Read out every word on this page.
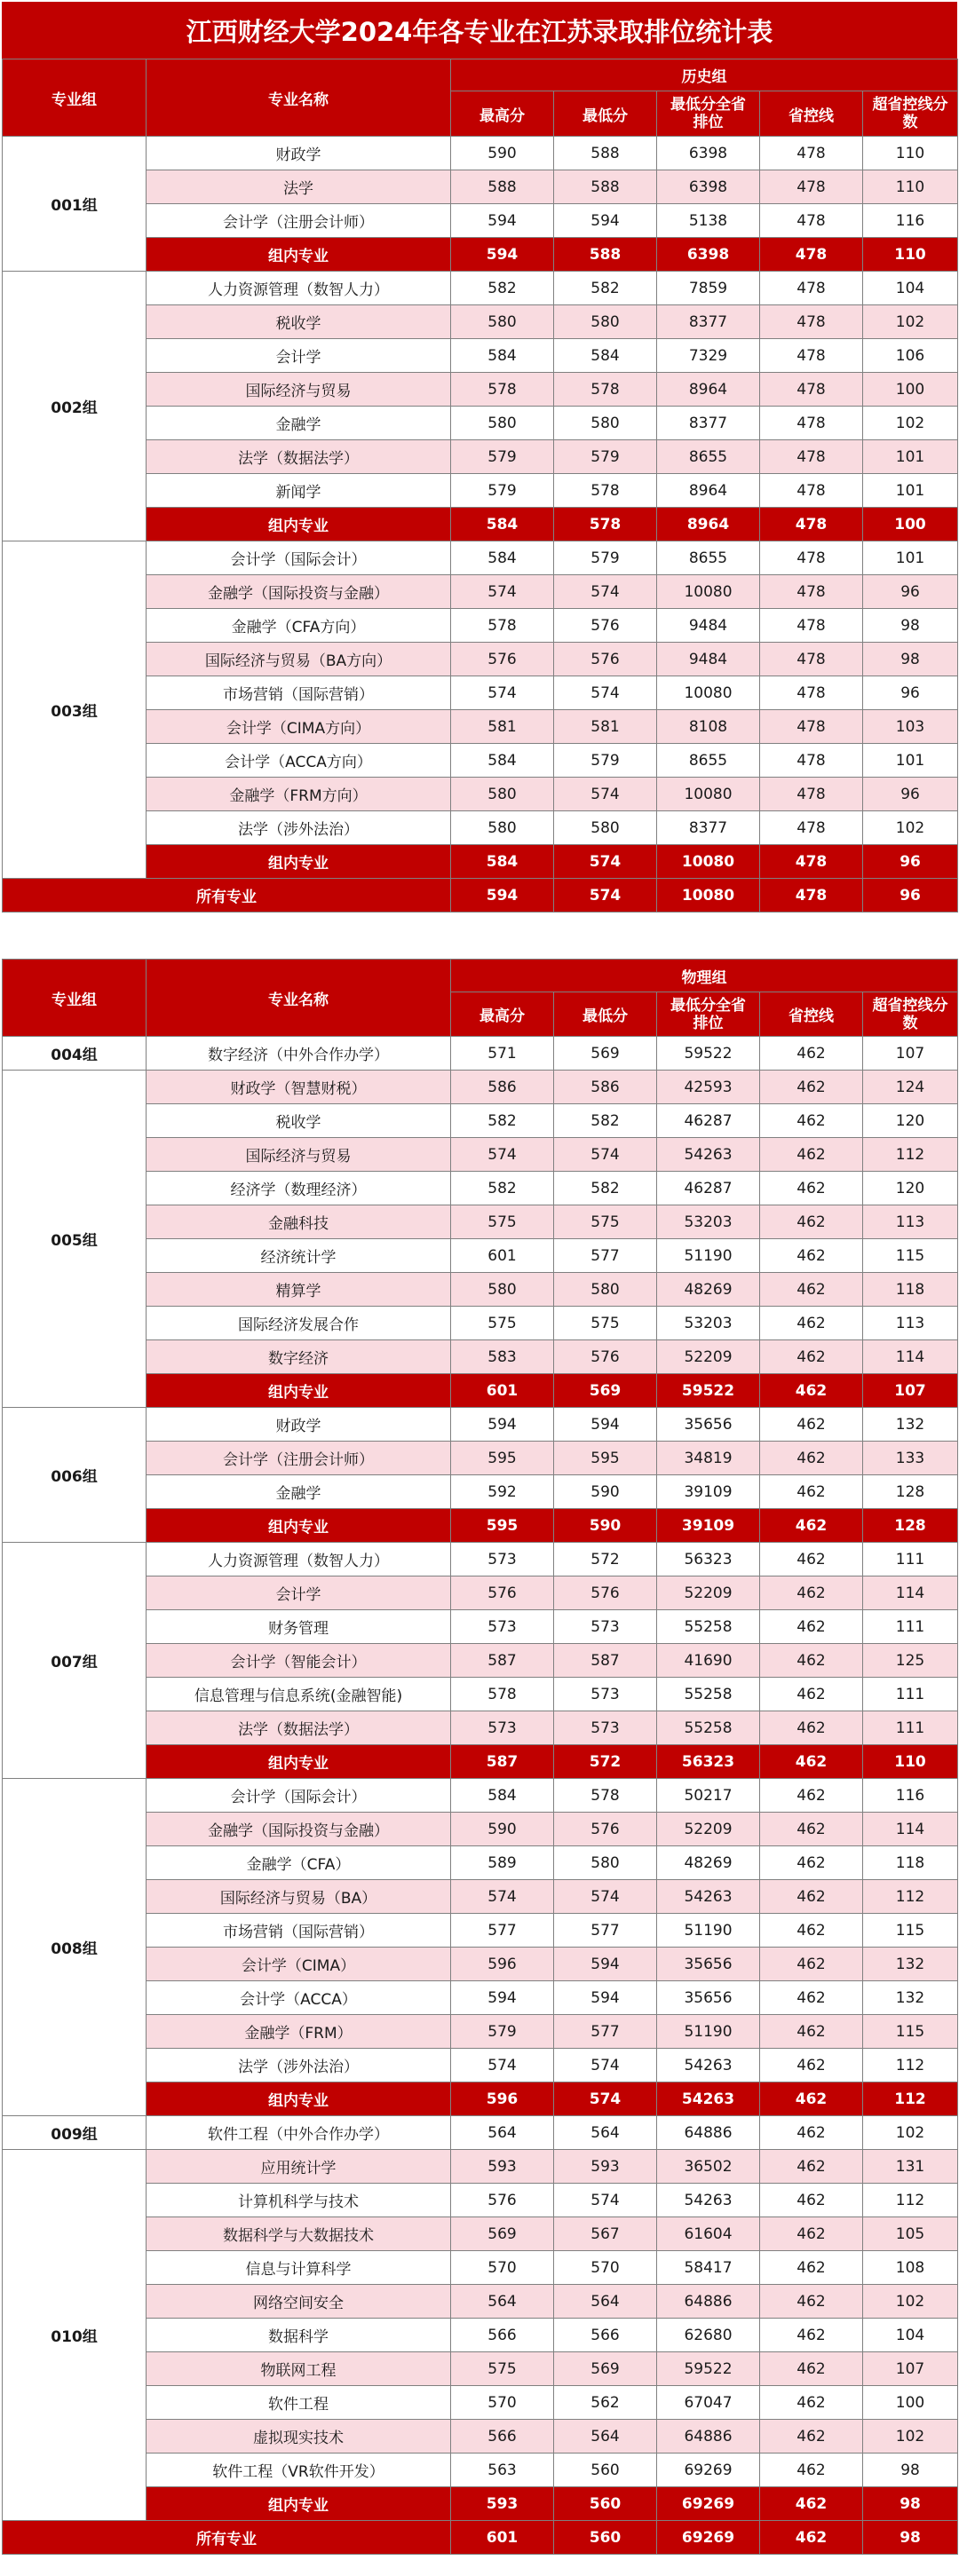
江西财经大学2024年各专业在江苏录取排位统计表
专业组	专业名称	历史组				
		最高分	最低分	最低分全省排位	省控线	超省控线分数
001组	财政学	590	588	6398	478	110
	法学	588	588	6398	478	110
	会计学（注册会计师）	594	594	5138	478	116
	组内专业	594	588	6398	478	110
002组	人力资源管理（数智人力）	582	582	7859	478	104
	税收学	580	580	8377	478	102
	会计学	584	584	7329	478	106
	国际经济与贸易	578	578	8964	478	100
	金融学	580	580	8377	478	102
	法学（数据法学）	579	579	8655	478	101
	新闻学	579	578	8964	478	101
	组内专业	584	578	8964	478	100
003组	会计学（国际会计）	584	579	8655	478	101
	金融学（国际投资与金融）	574	574	10080	478	96
	金融学（CFA方向）	578	576	9484	478	98
	国际经济与贸易（BA方向）	576	576	9484	478	98
	市场营销（国际营销）	574	574	10080	478	96
	会计学（CIMA方向）	581	581	8108	478	103
	会计学（ACCA方向）	584	579	8655	478	101
	金融学（FRM方向）	580	574	10080	478	96
	法学（涉外法治）	580	580	8377	478	102
	组内专业	584	574	10080	478	96
所有专业		594	574	10080	478	96
专业组	专业名称	物理组				
		最高分	最低分	最低分全省排位	省控线	超省控线分数
004组	数字经济（中外合作办学）	571	569	59522	462	107
005组	财政学（智慧财税）	586	586	42593	462	124
	税收学	582	582	46287	462	120
	国际经济与贸易	574	574	54263	462	112
	经济学（数理经济）	582	582	46287	462	120
	金融科技	575	575	53203	462	113
	经济统计学	601	577	51190	462	115
	精算学	580	580	48269	462	118
	国际经济发展合作	575	575	53203	462	113
	数字经济	583	576	52209	462	114
	组内专业	601	569	59522	462	107
006组	财政学	594	594	35656	462	132
	会计学（注册会计师）	595	595	34819	462	133
	金融学	592	590	39109	462	128
	组内专业	595	590	39109	462	128
007组	人力资源管理（数智人力）	573	572	56323	462	111
	会计学	576	576	52209	462	114
	财务管理	573	573	55258	462	111
	会计学（智能会计）	587	587	41690	462	125
	信息管理与信息系统(金融智能)	578	573	55258	462	111
	法学（数据法学）	573	573	55258	462	111
	组内专业	587	572	56323	462	110
008组	会计学（国际会计）	584	578	50217	462	116
	金融学（国际投资与金融）	590	576	52209	462	114
	金融学（CFA）	589	580	48269	462	118
	国际经济与贸易（BA）	574	574	54263	462	112
	市场营销（国际营销）	577	577	51190	462	115
	会计学（CIMA）	596	594	35656	462	132
	会计学（ACCA）	594	594	35656	462	132
	金融学（FRM）	579	577	51190	462	115
	法学（涉外法治）	574	574	54263	462	112
	组内专业	596	574	54263	462	112
009组	软件工程（中外合作办学）	564	564	64886	462	102
010组	应用统计学	593	593	36502	462	131
	计算机科学与技术	576	574	54263	462	112
	数据科学与大数据技术	569	567	61604	462	105
	信息与计算科学	570	570	58417	462	108
	网络空间安全	564	564	64886	462	102
	数据科学	566	566	62680	462	104
	物联网工程	575	569	59522	462	107
	软件工程	570	562	67047	462	100
	虚拟现实技术	566	564	64886	462	102
	软件工程（VR软件开发）	563	560	69269	462	98
	组内专业	593	560	69269	462	98
所有专业		601	560	69269	462	98
